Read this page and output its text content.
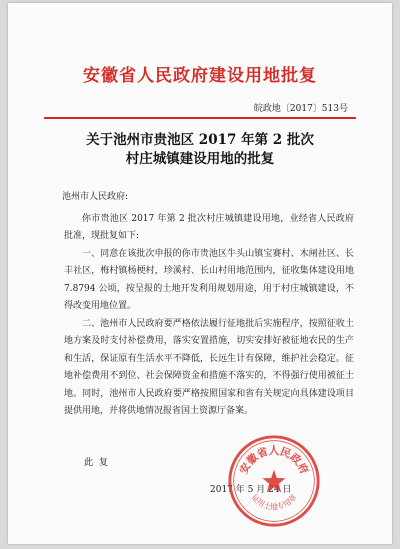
安徽省人民政府建设用地批复
皖政地〔2017〕513号
关于池州市贵池区 2017 年第 2 批次
村庄城镇建设用地的批复
池州市人民政府:

你市贵池区 2017 年第 2 批次村庄城镇建设用地，业经省人民政府批准，现批复如下:

一、同意在该批次申报的你市贵池区牛头山镇宝赛村、木闸社区、长丰社区，梅村镇杨梗村，珍溪村、长山村用地范围内，征收集体建设用地 7.8794 公顷，按呈报的土地开发利用规划用途，用于村庄城镇建设，不得改变用地位置。

二、池州市人民政府要严格依法履行征地批后实施程序，按照征收土地方案及时支付补偿费用，落实安置措施，切实安排好被征地农民的生产和生活，保证原有生活水平不降低，长远生计有保障，维护社会稳定。征地补偿费用不到位、社会保障资金和措施不落实的，不得强行使用被征土地。同时，池州市人民政府要严格按照国家和省有关规定向具体建设项目提供用地，并将供地情况报省国土资源厅备案。

此复
2017 年 5 月 24 日
安徽省人民政府
征用土地专用章
